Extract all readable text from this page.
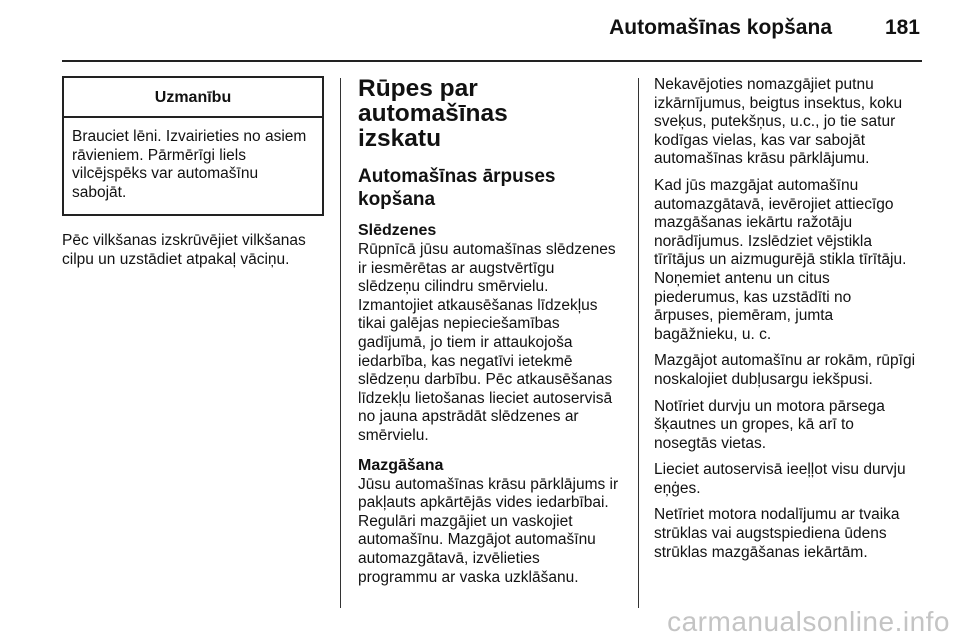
Automašīnas kopšana	181
Uzmanību

Brauciet lēni. Izvairieties no asiem

rāvieniem. Pārmērīgi liels

vilcējspēks var automašīnu

sabojāt.

Pēc vilkšanas izskrūvējiet vilkšanas

cilpu un uzstādiet atpakaļ vāciņu.

Rūpes par automašīnas
izskatu
Automašīnas ārpuses
kopšana
Slēdzenes

Rūpnīcā jūsu automašīnas slēdzenes

ir iesmērētas ar augstvērtīgu

slēdzeņu cilindru smērvielu.

Izmantojiet atkausēšanas līdzekļus

tikai galējas nepieciešamības

gadījumā, jo tiem ir attaukojoša

iedarbība, kas negatīvi ietekmē

slēdzeņu darbību. Pēc atkausēšanas

līdzekļu lietošanas lieciet autoservisā

no jauna apstrādāt slēdzenes ar

smērvielu.

Mazgāšana

Jūsu automašīnas krāsu pārklājums ir

pakļauts apkārtējās vides iedarbībai.

Regulāri mazgājiet un vaskojiet

automašīnu. Mazgājot automašīnu

automazgātavā, izvēlieties

programmu ar vaska uzklāšanu.

Nekavējoties nomazgājiet putnu

izkārnījumus, beigtus insektus, koku

sveķus, putekšņus, u.c., jo tie satur

kodīgas vielas, kas var sabojāt

automašīnas krāsu pārklājumu.

Kad jūs mazgājat automašīnu

automazgātavā, ievērojiet attiecīgo

mazgāšanas iekārtu ražotāju

norādījumus. Izslēdziet vējstikla

tīrītājus un aizmugurējā stikla tīrītāju.

Noņemiet antenu un citus

piederumus, kas uzstādīti no

ārpuses, piemēram, jumta

bagāžnieku, u. c.

Mazgājot automašīnu ar rokām, rūpīgi

noskalojiet dubļusargu iekšpusi.

Notīriet durvju un motora pārsega

šķautnes un gropes, kā arī to

nosegtās vietas.

Lieciet autoservisā ieeļļot visu durvju

eņģes.

Netīriet motora nodalījumu ar tvaika

strūklas vai augstspiediena ūdens

strūklas mazgāšanas iekārtām.

carmanualsonline.info
